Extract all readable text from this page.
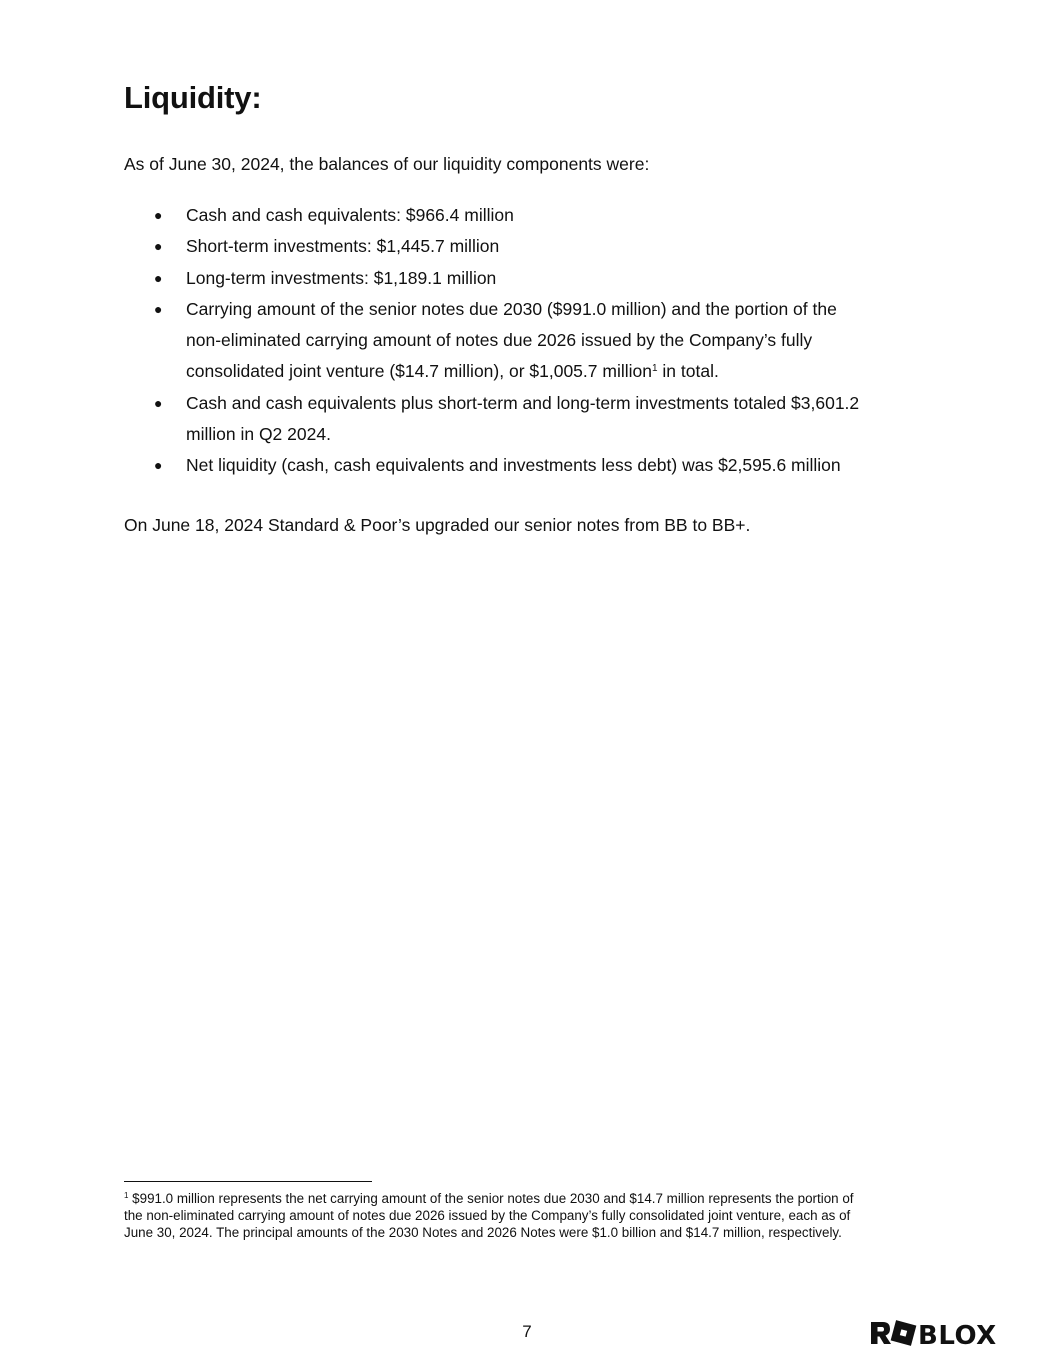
Liquidity:

As of June 30, 2024, the balances of our liquidity components were:

● Cash and cash equivalents: $966.4 million
● Short-term investments: $1,445.7 million
● Long-term investments: $1,189.1 million
● Carrying amount of the senior notes due 2030 ($991.0 million) and the portion of the
non-eliminated carrying amount of notes due 2026 issued by the Company’s fully
consolidated joint venture ($14.7 million), or $1,005.7 million$^1$ in total.
● Cash and cash equivalents plus short-term and long-term investments totaled $3,601.2
million in Q2 2024.
● Net liquidity (cash, cash equivalents and investments less debt) was $2,595.6 million

On June 18, 2024 Standard & Poor’s upgraded our senior notes from BB to BB+.

$^1$ $991.0 million represents the net carrying amount of the senior notes due 2030 and $14.7 million represents the portion of
the non-eliminated carrying amount of notes due 2026 issued by the Company’s fully consolidated joint venture, each as of
June 30, 2024. The principal amounts of the 2030 Notes and 2026 Notes were $1.0 billion and $14.7 million, respectively.

7	BLOX
